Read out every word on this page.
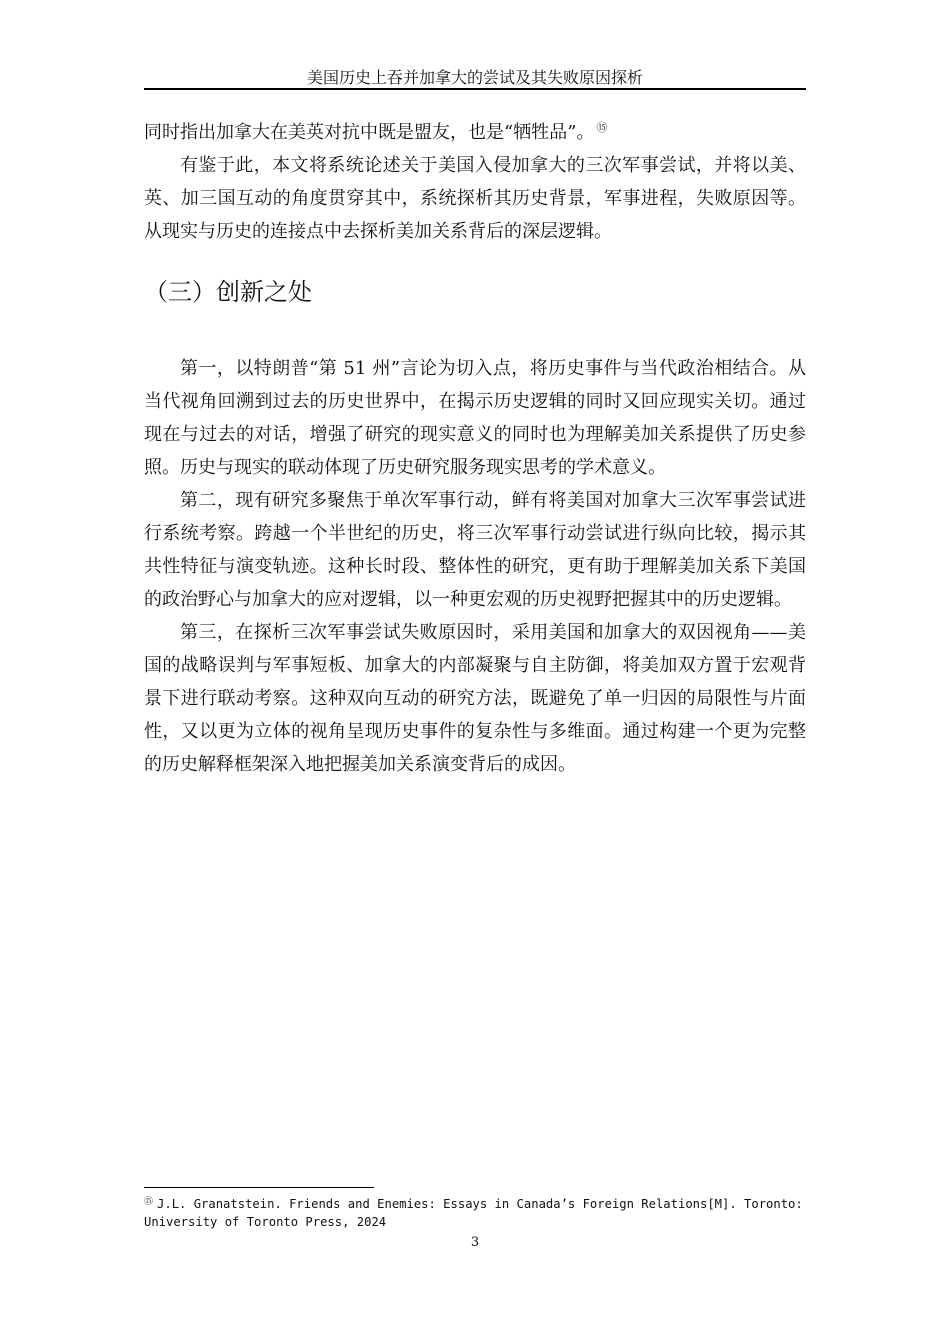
美国历史上吞并加拿大的尝试及其失败原因探析

同时指出加拿大在美英对抗中既是盟友，也是“牺牲品”。 ⑮

有鉴于此，本文将系统论述关于美国入侵加拿大的三次军事尝试，并将以美、英、加三国互动的角度贯穿其中，系统探析其历史背景，军事进程，失败原因等。从现实与历史的连接点中去探析美加关系背后的深层逻辑。

（三）创新之处

第一，以特朗普“第 51 州”言论为切入点，将历史事件与当代政治相结合。从当代视角回溯到过去的历史世界中，在揭示历史逻辑的同时又回应现实关切。通过现在与过去的对话，增强了研究的现实意义的同时也为理解美加关系提供了历史参照。历史与现实的联动体现了历史研究服务现实思考的学术意义。

第二，现有研究多聚焦于单次军事行动，鲜有将美国对加拿大三次军事尝试进行系统考察。跨越一个半世纪的历史，将三次军事行动尝试进行纵向比较，揭示其共性特征与演变轨迹。这种长时段、整体性的研究，更有助于理解美加关系下美国的政治野心与加拿大的应对逻辑，以一种更宏观的历史视野把握其中的历史逻辑。

第三，在探析三次军事尝试失败原因时，采用美国和加拿大的双因视角——美国的战略误判与军事短板、加拿大的内部凝聚与自主防御，将美加双方置于宏观背景下进行联动考察。这种双向互动的研究方法，既避免了单一归因的局限性与片面性，又以更为立体的视角呈现历史事件的复杂性与多维面。通过构建一个更为完整的历史解释框架深入地把握美加关系演变背后的成因。

⑮ J.L. Granatstein. Friends and Enemies: Essays in Canada’s Foreign Relations[M]. Toronto: University of Toronto Press, 2024

3
